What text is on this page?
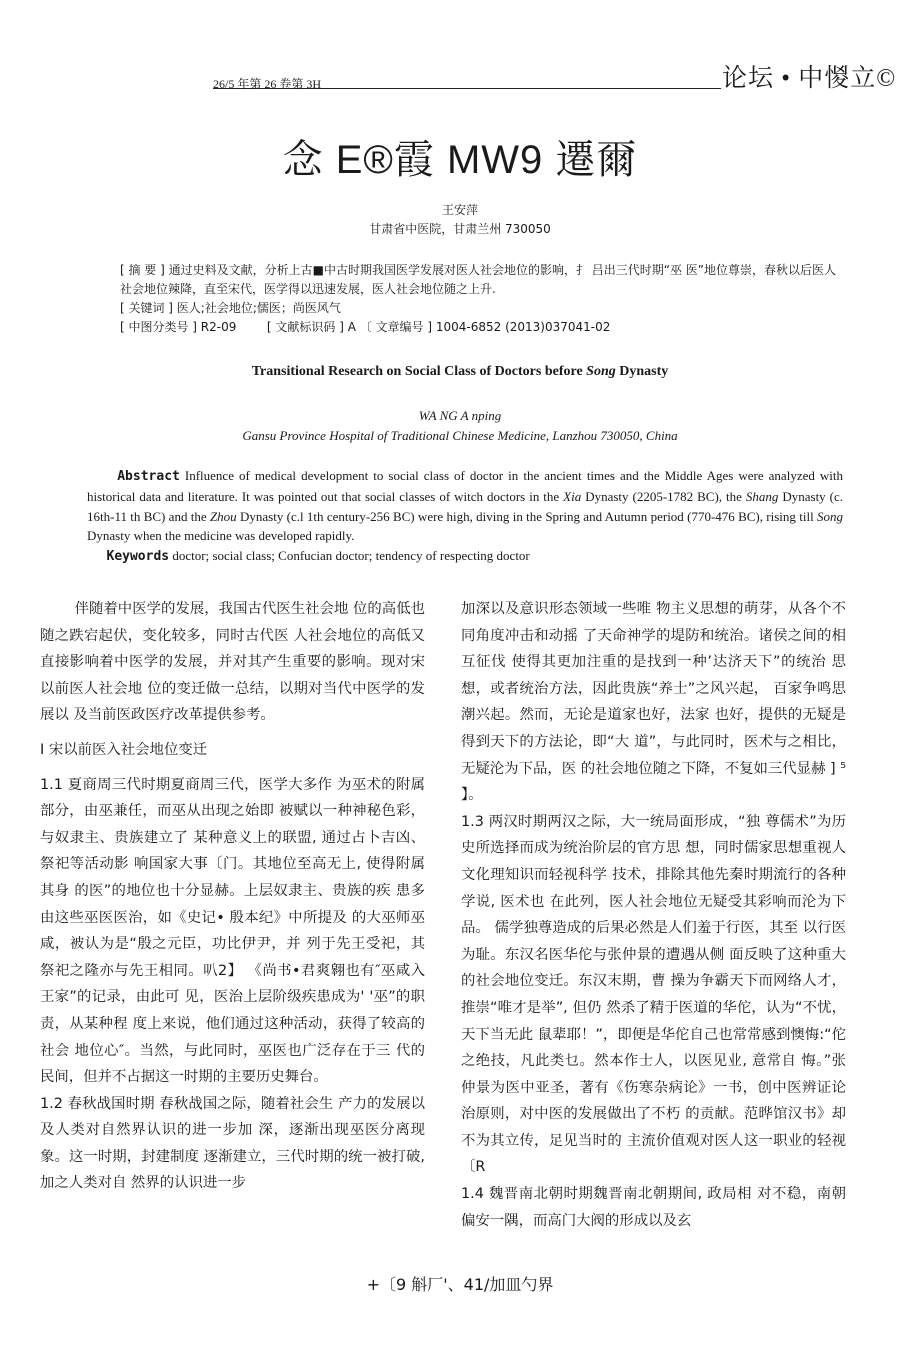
26/5 年第 26 卷第 3H	论坛 • 中惾立©
念 E®霞 MW9 遷爾
王安萍
甘肃省中医院，甘肃兰州 730050

[ 摘 要 ] 通过史料及文献，分析上古■中古时期我国医学发展对医人社会地位的影响，扌 吕出三代时期“巫 医”地位尊崇，春秋以后医人社会地位辣降，直至宋代，医学得以迅速发展，医人社会地位随之上升.

[ 关键词 ] 医人;社会地位;儒医；尚医风气

[ 中图分类号 ] R2-09	[ 文献标识码 ] A 〔 文章编号 ] 1004-6852 (2013)037041-02

Transitional Research on Social Class of Doctors before Song Dynasty
WA NG A nping
Gansu Province Hospital of Traditional Chinese Medicine, Lanzhou 730050, China

Abstract Influence of medical development to social class of doctor in the ancient times and the Middle Ages were analyzed with historical data and literature. It was pointed out that social classes of witch doctors in the Xia Dynasty (2205-1782 BC), the Shang Dynasty (c. 16th-11 th BC) and the Zhou Dynasty (c.l 1th century-256 BC) were high, diving in the Spring and Autumn period (770-476 BC), rising till Song Dynasty when the medicine was developed rapidly.

Keywords doctor; social class; Confucian doctor; tendency of respecting doctor

伴随着中医学的发展，我国古代医生社会地 位的高低也随之跌宕起伏，变化较多，同时古代医 人社会地位的高低又直接影响着中医学的发展，并对其产生重要的影响。现对宋以前医人社会地 位的变迁做一总结，以期对当代中医学的发展以 及当前医政医疗改革提供参考。

I 宋以前医入社会地位变迁

1.1 夏商周三代时期夏商周三代，医学大多作 为巫术的附属部分，由巫兼任，而巫从出现之始即 被赋以一种神秘色彩，与奴隶主、贵族建立了 某种意义上的联盟, 通过占卜吉凶、祭祀等活动影 响国家大事〔门。其地位至高无上, 使得附属其身 的医”的地位也十分显赫。上层奴隶主、贵族的疾 患多由这些巫医医治，如《史记• 殷本纪》中所提及 的大巫师巫咸，被认为是“殷之元臣，功比伊尹，并 列于先王受祀，其祭祀之隆亦与先王相同。叭2】 《尚书•君爽翱也有″巫咸入王家”的记录，由此可 见，医治上层阶级疾患成为' '巫”的职责，从某种程 度上来说，他们通过这种活动，获得了较高的社会 地位心″。当然，与此同时，巫医也广泛存在于三 代的民间，但并不占据这一时期的主要历史舞台。

1.2 春秋战国时期 春秋战国之际，随着社会生 产力的发展以及人类对自然界认识的进一步加 深，逐渐出现巫医分离现象。这一时期，封建制度 逐渐建立，三代时期的统一被打破, 加之人类对自 然界的认识进一步

加深以及意识形态领域一些唯 物主义思想的萌芽，从各个不同角度冲击和动摇 了天命神学的堤防和统治。诸侯之间的相互征伐 使得其更加注重的是找到一种’达济天下”的统治 思想，或者统治方法，因此贵族“养士”之风兴起， 百家争鸣思潮兴起。然而，无论是道家也好，法家 也好，提供的无疑是得到天下的方法论，即“大 道”，与此同时，医术与之相比，无疑沦为下品，医 的社会地位随之下降，不复如三代显赫 ] ⁵ 】。

1.3 两汉时期两汉之际，大一统局面形成，“独 尊儒术”为历史所选择而成为统治阶层的官方思 想，同时儒家思想重视人文化理知识而轻视科学 技术，排除其他先秦时期流行的各种学说, 医术也 在此列，医人社会地位无疑受其彩响而沦为下品。 儒学独尊造成的后果必然是人们羞于行医，其至 以行医为耻。东汉名医华佗与张仲景的遭遇从侧 面反映了这种重大的社会地位变迁。东汉末期，曹 操为争霸天下而网络人才，推崇“唯才是举”, 但仍 然杀了精于医道的华佗，认为“不忧，天下当无此 鼠辈耶！”，即便是华佗自己也常常感到懊悔:“佗 之绝技，凡此类乜。然本作士人，以医见业, 意常自 悔。”张仲景为医中亚圣，著有《伤寒杂病论》一书，创中医辨证论治原则，对中医的发展做出了不朽 的贡献。范晔馆汉书》却不为其立传，足见当时的 主流价值观对医人这一职业的轻视〔R

1.4 魏晋南北朝时期魏晋南北朝期间, 政局相 对不稳，南朝偏安一隅，而高门大阀的形成以及玄

+〔9 斛厂'、41/加皿勺界
